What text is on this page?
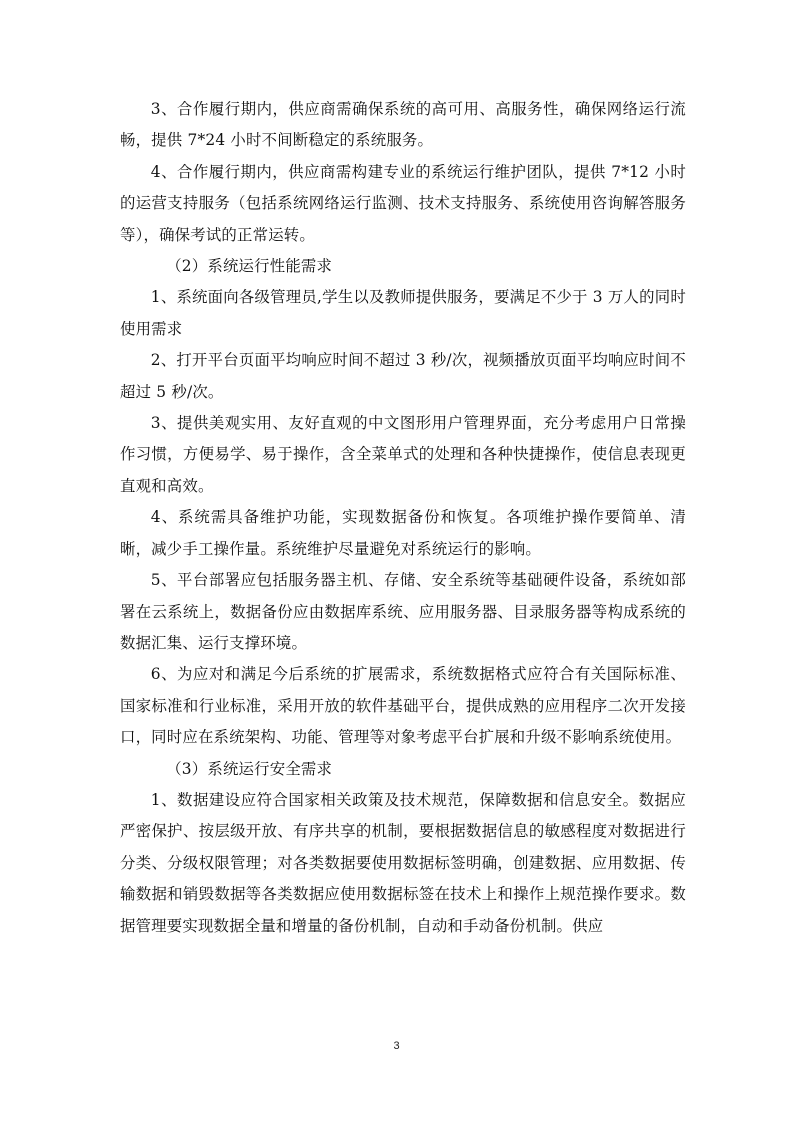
3、合作履行期内，供应商需确保系统的高可用、高服务性，确保网络运行流畅，提供 7*24 小时不间断稳定的系统服务。

4、合作履行期内，供应商需构建专业的系统运行维护团队，提供 7*12 小时的运营支持服务（包括系统网络运行监测、技术支持服务、系统使用咨询解答服务等），确保考试的正常运转。

（2）系统运行性能需求

1、系统面向各级管理员,学生以及教师提供服务，要满足不少于 3 万人的同时使用需求

2、打开平台页面平均响应时间不超过 3 秒/次，视频播放页面平均响应时间不超过 5 秒/次。

3、提供美观实用、友好直观的中文图形用户管理界面，充分考虑用户日常操作习惯，方便易学、易于操作，含全菜单式的处理和各种快捷操作，使信息表现更直观和高效。

4、系统需具备维护功能，实现数据备份和恢复。各项维护操作要简单、清晰，减少手工操作量。系统维护尽量避免对系统运行的影响。

5、平台部署应包括服务器主机、存储、安全系统等基础硬件设备，系统如部署在云系统上，数据备份应由数据库系统、应用服务器、目录服务器等构成系统的数据汇集、运行支撑环境。

6、为应对和满足今后系统的扩展需求，系统数据格式应符合有关国际标准、国家标准和行业标准，采用开放的软件基础平台，提供成熟的应用程序二次开发接口，同时应在系统架构、功能、管理等对象考虑平台扩展和升级不影响系统使用。

（3）系统运行安全需求

1、数据建设应符合国家相关政策及技术规范，保障数据和信息安全。数据应严密保护、按层级开放、有序共享的机制，要根据数据信息的敏感程度对数据进行分类、分级权限管理；对各类数据要使用数据标签明确，创建数据、应用数据、传输数据和销毁数据等各类数据应使用数据标签在技术上和操作上规范操作要求。数据管理要实现数据全量和增量的备份机制，自动和手动备份机制。供应

3
